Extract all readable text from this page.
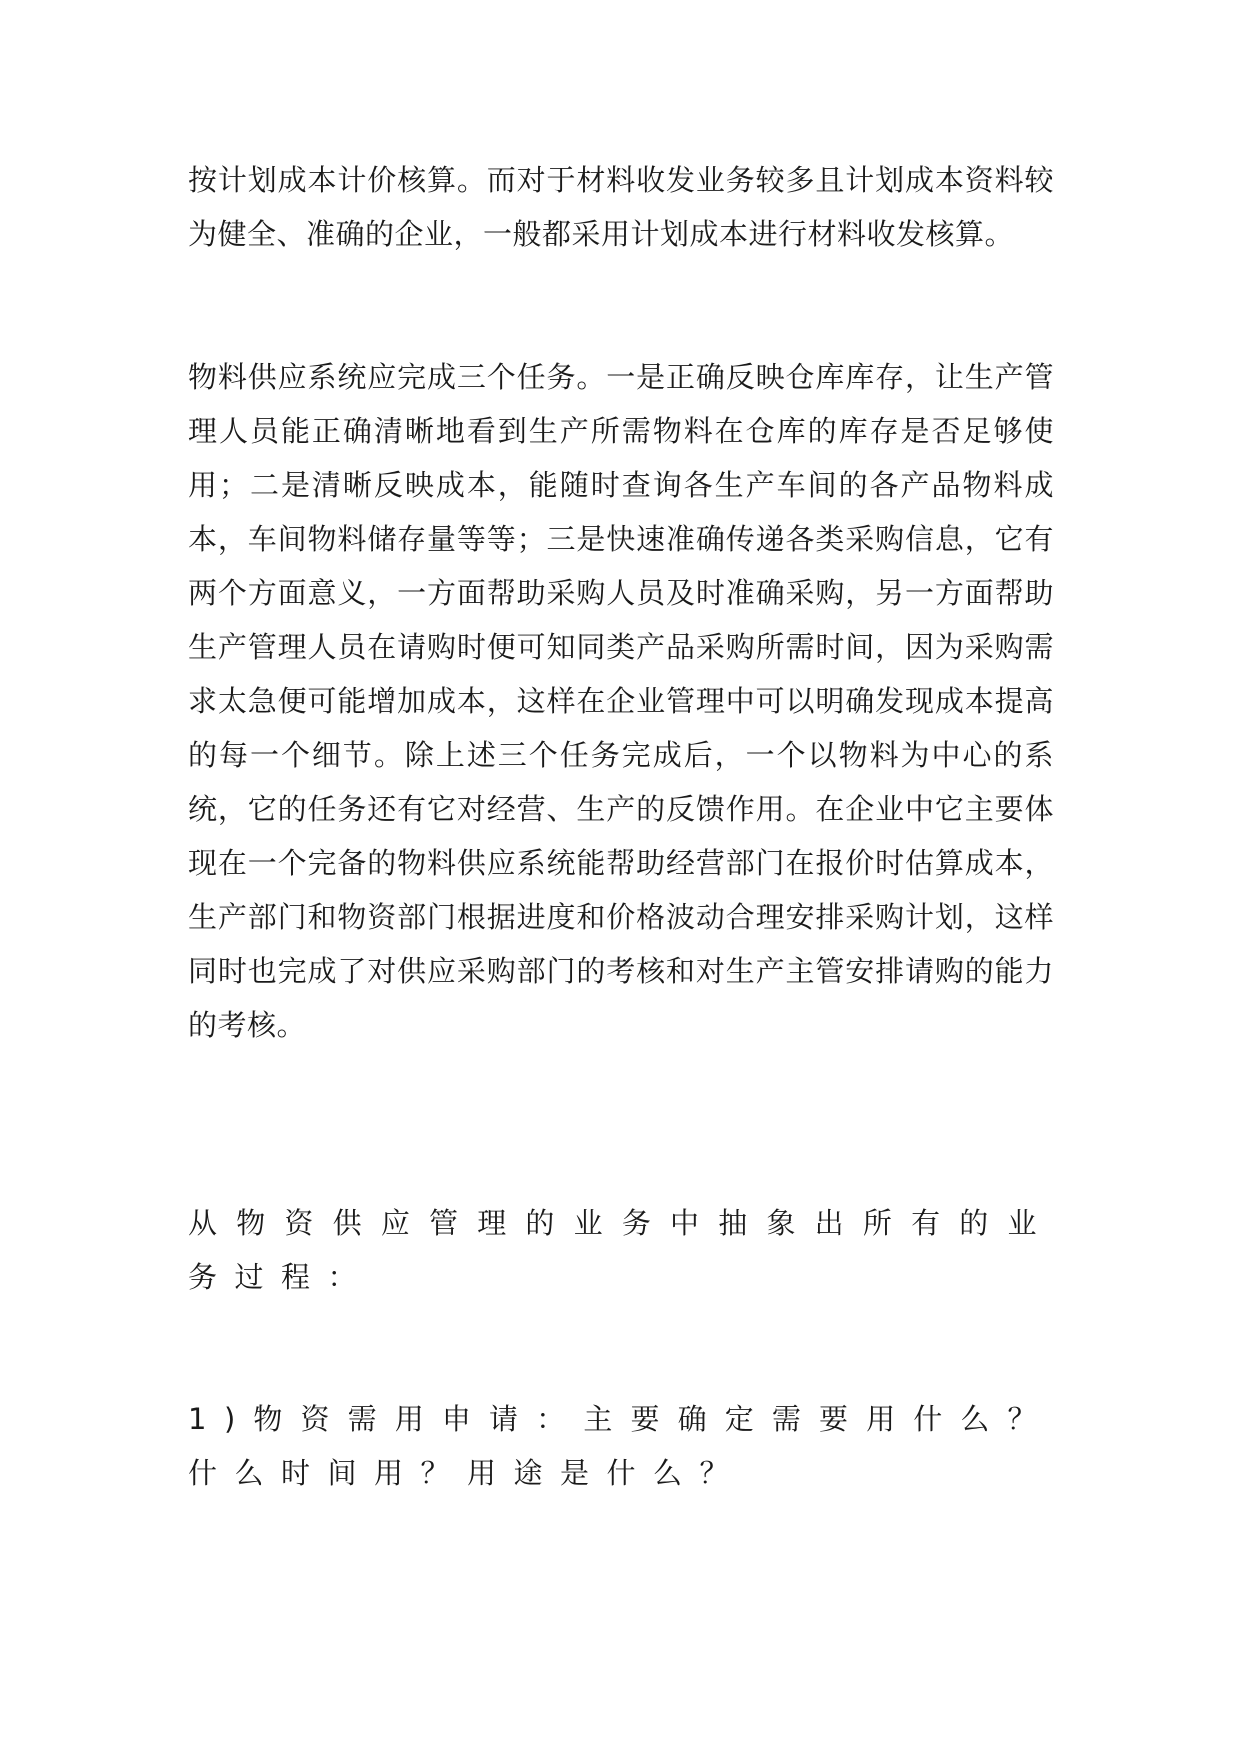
按计划成本计价核算。而对于材料收发业务较多且计划成本资料较为健全、准确的企业，一般都采用计划成本进行材料收发核算。

物料供应系统应完成三个任务。一是正确反映仓库库存，让生产管理人员能正确清晰地看到生产所需物料在仓库的库存是否足够使用；二是清晰反映成本，能随时查询各生产车间的各产品物料成本，车间物料储存量等等；三是快速准确传递各类采购信息，它有两个方面意义，一方面帮助采购人员及时准确采购，另一方面帮助生产管理人员在请购时便可知同类产品采购所需时间，因为采购需求太急便可能增加成本，这样在企业管理中可以明确发现成本提高的每一个细节。除上述三个任务完成后，一个以物料为中心的系统，它的任务还有它对经营、生产的反馈作用。在企业中它主要体现在一个完备的物料供应系统能帮助经营部门在报价时估算成本，生产部门和物资部门根据进度和价格波动合理安排采购计划，这样同时也完成了对供应采购部门的考核和对生产主管安排请购的能力的考核。

从物资供应管理的业务中抽象出所有的业务过程：

1)物资需用申请：主要确定需要用什么？什么时间用？用途是什么？
